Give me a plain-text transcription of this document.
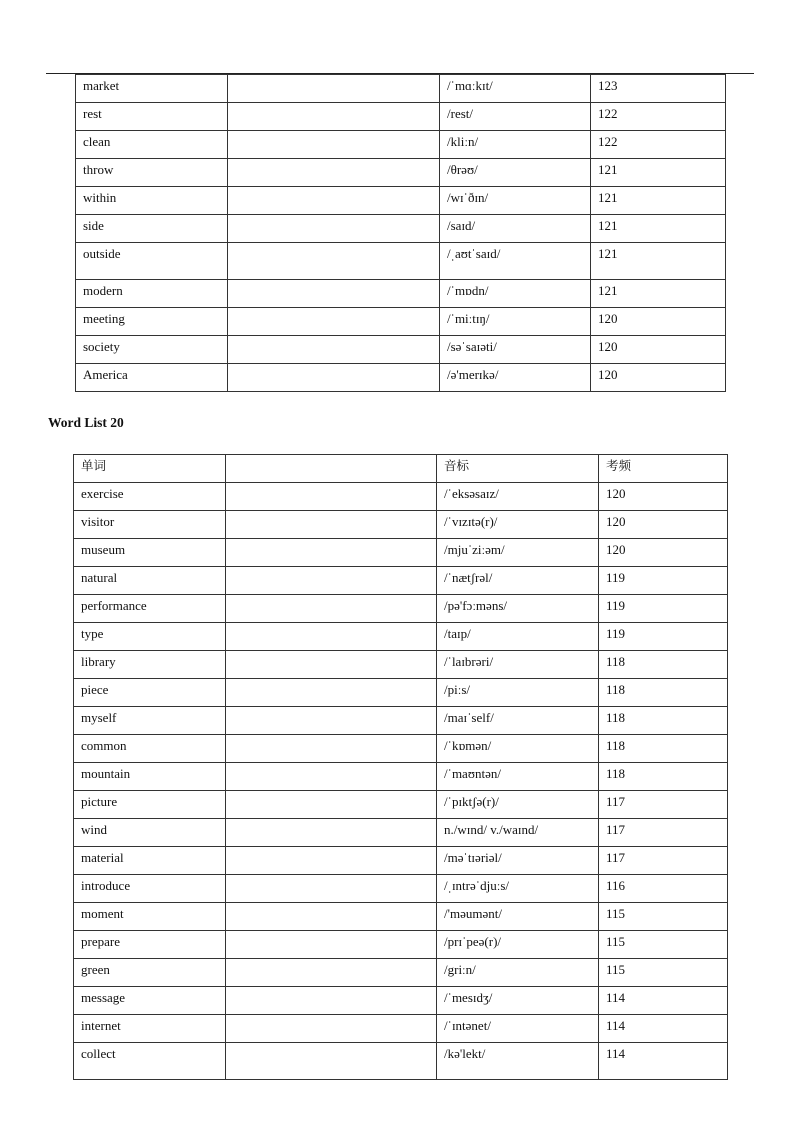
market		/ˈmɑːkɪt/	123
rest		/rest/	122
clean		/kliːn/	122
throw		/θrəʊ/	121
within		/wɪˈðɪn/	121
side		/saɪd/	121
outside		/ˌaʊtˈsaɪd/	121
modern		/ˈmɒdn/	121
meeting		/ˈmiːtɪŋ/	120
society		/səˈsaɪəti/	120
America		/ə'merɪkə/	120
Word List 20
单词		音标	考频
exercise		/ˈeksəsaɪz/	120
visitor		/ˈvɪzɪtə(r)/	120
museum		/mjuˈziːəm/	120
natural		/ˈnætʃrəl/	119
performance		/pə'fɔːməns/	119
type		/taɪp/	119
library		/ˈlaɪbrəri/	118
piece		/piːs/	118
myself		/maɪˈself/	118
common		/ˈkɒmən/	118
mountain		/ˈmaʊntən/	118
picture		/ˈpɪktʃə(r)/	117
wind		n./wɪnd/ v./waɪnd/	117
material		/məˈtɪəriəl/	117
introduce		/ˌɪntrəˈdjuːs/	116
moment		/'məumənt/	115
prepare		/prɪˈpeə(r)/	115
green		/griːn/	115
message		/ˈmesɪdʒ/	114
internet		/ˈɪntənet/	114
collect		/kə'lekt/	114
